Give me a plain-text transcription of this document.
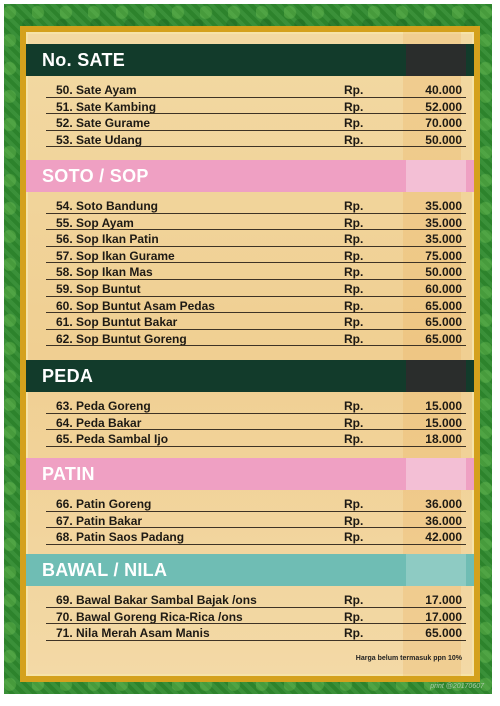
No. SATE
50. Sate Ayam	Rp.	40.000
51. Sate Kambing	Rp.	52.000
52. Sate Gurame	Rp.	70.000
53. Sate Udang	Rp.	50.000
SOTO / SOP
54. Soto Bandung	Rp.	35.000
55. Sop Ayam	Rp.	35.000
56. Sop Ikan Patin	Rp.	35.000
57. Sop Ikan Gurame	Rp.	75.000
58. Sop Ikan Mas	Rp.	50.000
59. Sop Buntut	Rp.	60.000
60. Sop Buntut Asam Pedas	Rp.	65.000
61. Sop Buntut Bakar	Rp.	65.000
62. Sop Buntut Goreng	Rp.	65.000
PEDA
63. Peda Goreng	Rp.	15.000
64. Peda Bakar	Rp.	15.000
65. Peda Sambal Ijo	Rp.	18.000
PATIN
66. Patin Goreng	Rp.	36.000
67. Patin Bakar	Rp.	36.000
68. Patin Saos Padang	Rp.	42.000
BAWAL / NILA
69. Bawal Bakar Sambal Bajak /ons	Rp.	17.000
70. Bawal Goreng Rica-Rica /ons	Rp.	17.000
71. Nila Merah Asam Manis	Rp.	65.000
Harga belum termasuk ppn 10%
print @20170607
